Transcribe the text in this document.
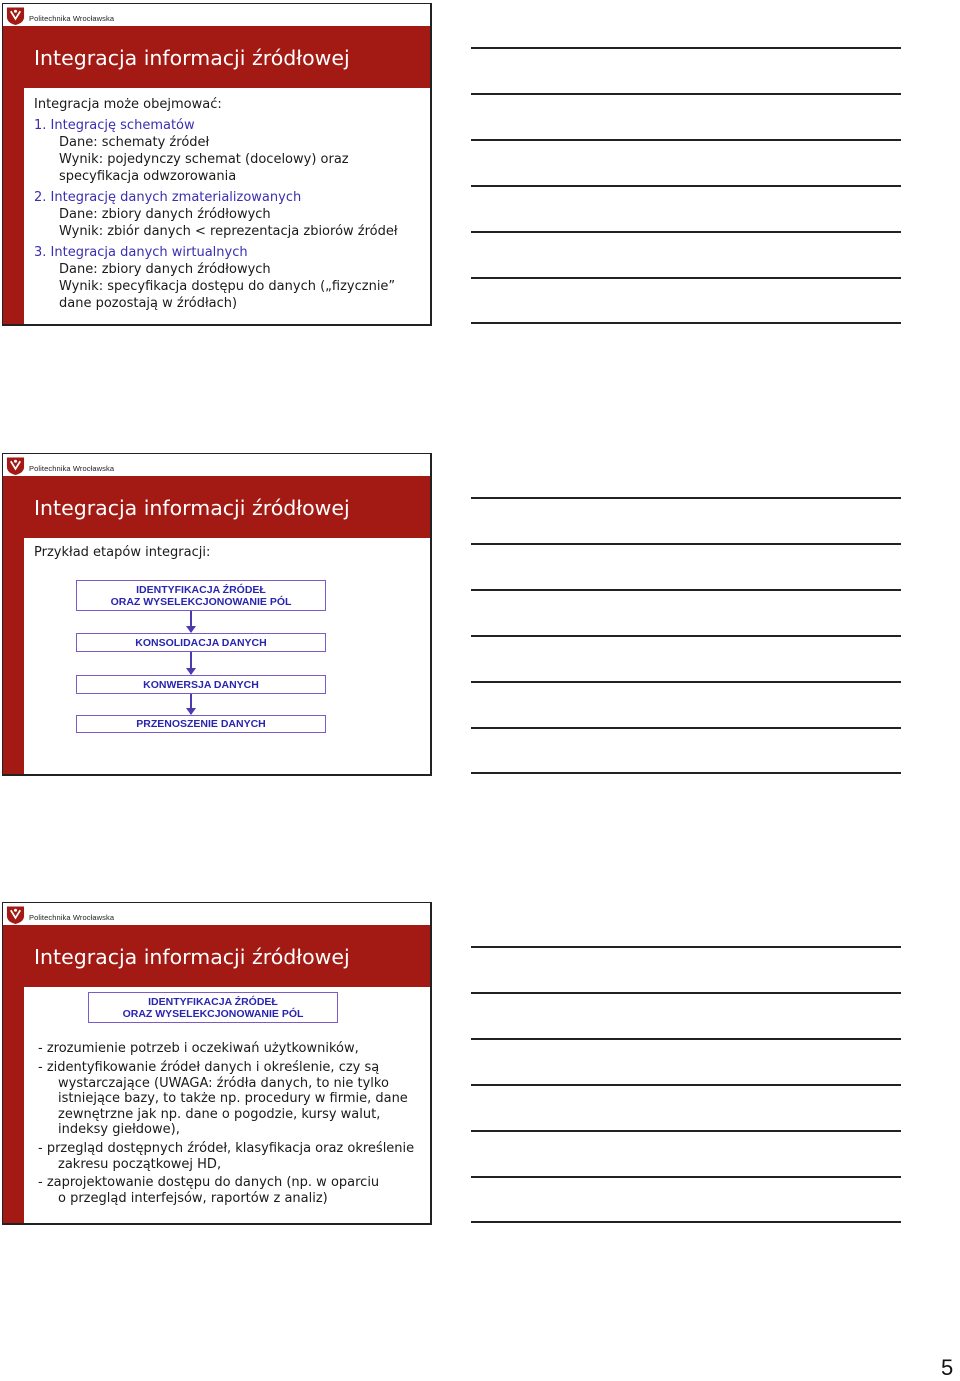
Politechnika Wrocławska
Integracja informacji źródłowej
Integracja może obejmować:
1. Integrację schematów
Dane: schematy źródeł
Wynik: pojedynczy schemat (docelowy) oraz
specyfikacja odwzorowania
2. Integrację danych zmaterializowanych
Dane: zbiory danych źródłowych
Wynik: zbiór danych < reprezentacja zbiorów źródeł
3. Integracja danych wirtualnych
Dane: zbiory danych źródłowych
Wynik: specyfikacja dostępu do danych („fizycznie”
dane pozostają w źródłach)
Politechnika Wrocławska
Integracja informacji źródłowej
Przykład etapów integracji:
IDENTYFIKACJA ŹRÓDEŁ
ORAZ WYSELEKCJONOWANIE PÓL
KONSOLIDACJA DANYCH
KONWERSJA DANYCH
PRZENOSZENIE DANYCH
Politechnika Wrocławska
Integracja informacji źródłowej
IDENTYFIKACJA ŹRÓDEŁ
ORAZ WYSELEKCJONOWANIE PÓL
- zrozumienie potrzeb i oczekiwań użytkowników,
- zidentyfikowanie źródeł danych i określenie, czy są
wystarczające (UWAGA: źródła danych, to nie tylko
istniejące bazy, to także np. procedury w firmie, dane
zewnętrzne jak np. dane o pogodzie, kursy walut,
indeksy giełdowe),
- przegląd dostępnych źródeł, klasyfikacja oraz określenie
zakresu początkowej HD,
- zaprojektowanie dostępu do danych (np. w oparciu
o przegląd interfejsów, raportów z analiz)
5
